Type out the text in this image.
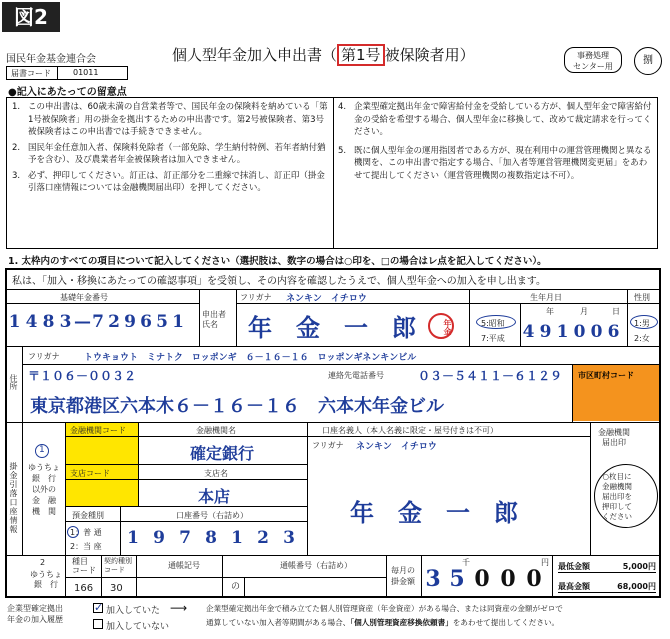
図2
国民年金基金連合会	個人型年金加入申出書（ 第1号 被保険者用）	事務処理
センター用
捌
届書コード	01011
●記入にあたっての留意点
1. この申出書は、60歳未満の自営業者等で、国民年金の保険料を納めている「第1号被保険者」用の掛金を拠出するための申出書です。第2号被保険者、第3号被保険者はこの申出書では手続きできません。
2. 国民年金任意加入者、保険料免除者（一部免除、学生納付特例、若年者納付猶予を含む）、及び農業者年金被保険者は加入できません。
3. 必ず、押印してください。訂正は、訂正部分を二重線で抹消し、訂正印（掛金引落口座情報については金融機関届出印）を押してください。
4. 企業型確定拠出年金で障害給付金を受給している方が、個人型年金で障害給付金の受給を希望する場合、個人型年金に移換して、改めて裁定請求を行ってください。
5. 既に個人型年金の運用指図者である方が、現在利用中の運営管理機関と異なる機関を、この申出書で指定する場合、「加入者等運営管理機関変更届」をあわせて提出してください（運営管理機関の複数指定は不可）。
1. 太枠内のすべての項目について記入してください（選択肢は、数字の場合は○印を、□の場合はレ点を記入してください）。
私は、「加入・移換にあたっての確認事項」を受領し、その内容を確認したうえで、個人型年金への加入を申し出ます。
基礎年金番号
1 4 8 3 — 7 2 9 6 5 1 申出者
氏名
フリガナ ネンキン　イチロウ
年　金　一　郎	年金
生年月日
5:昭和
7:平成
年	月	日
4 9 1 0 0 6
性別
1:男
2:女
住所
フリガナ	トウキョウト　ミナトク　ロッポンギ　６－１６－１６　ロッポンギネンキンビル
〒１０６－００３２	連絡先電話番号	０３－５４１１－６１２９ 市区町村コード
東京都港区六本木６－１６－１６　六本木年金ビル
掛金引落口座情報
1
ゆうちょ
銀　行
以外の
金　融
機　関
金融機関コード	金融機関名
確定銀行
支店コード	支店名
本店
預金種別
1：普 通
2：当 座
口座番号（右詰め）
1 9 7 8 1 2 3
口座名義人（本人名義に限定・屋号付きは不可）
フリガナ ネンキン　イチロウ
年　金　一　郎
金融機関
届出印
○枚目に
金融機関
届出印を
押印して
ください
2
ゆうちょ
銀　行
種目
コード
契約種別
コード
166 30
通帳記号
の
通帳番号（右詰め）
毎月の
掛金額
千	円
3 5 0 0 0	最低金額	5,000円
最高金額	68,000円
企業型確定拠出
年金の加入履歴
✓ 加入していた ⟶
加入していない
企業型確定拠出年金で積み立てた個人別管理資産（年金資産）がある場合、または同資産の金額がゼロで
通算していない加入者等期間がある場合、「個人別管理資産移換依頼書」をあわせて提出してください。
